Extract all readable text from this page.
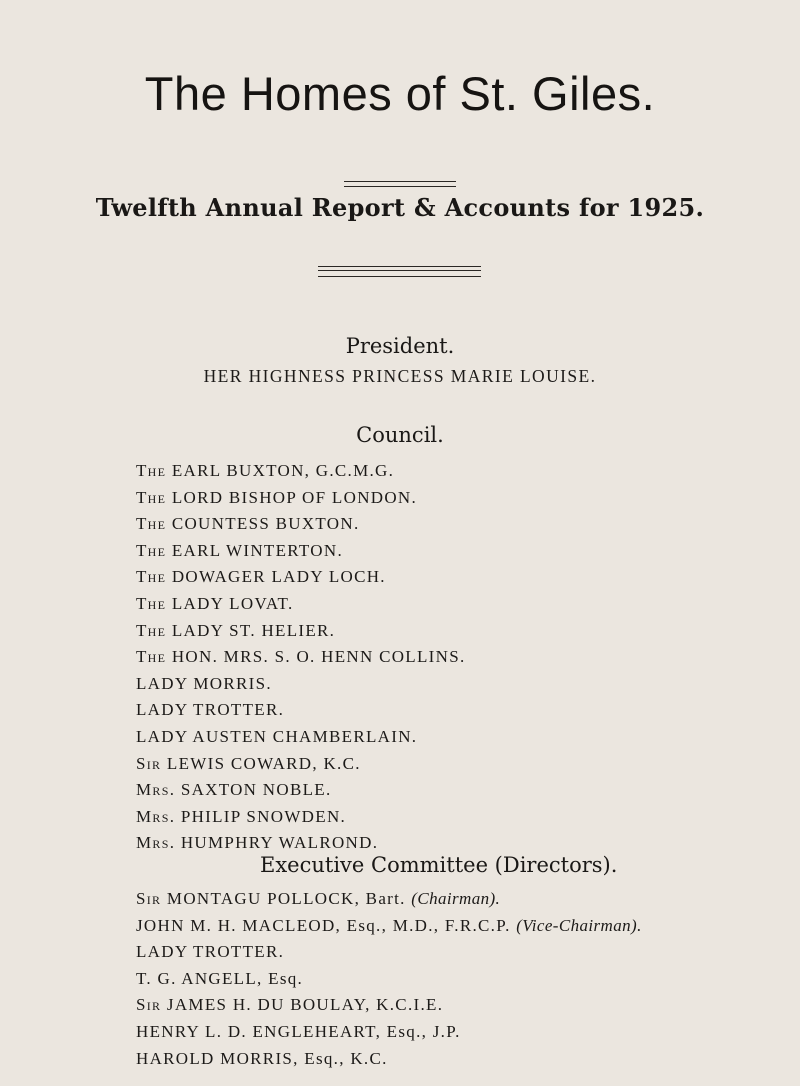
The Homes of St. Giles.
Twelfth Annual Report & Accounts for 1925.
President.
HER HIGHNESS PRINCESS MARIE LOUISE.
Council.
The EARL BUXTON, G.C.M.G.
The LORD BISHOP OF LONDON.
The COUNTESS BUXTON.
The EARL WINTERTON.
The DOWAGER LADY LOCH.
The LADY LOVAT.
The LADY ST. HELIER.
The HON. MRS. S. O. HENN COLLINS.
LADY MORRIS.
LADY TROTTER.
LADY AUSTEN CHAMBERLAIN.
Sir LEWIS COWARD, K.C.
Mrs. SAXTON NOBLE.
Mrs. PHILIP SNOWDEN.
Mrs. HUMPHRY WALROND.
Executive Committee (Directors).
Sir MONTAGU POLLOCK, Bart. (Chairman).
JOHN M. H. MACLEOD, Esq., M.D., F.R.C.P. (Vice-Chairman).
LADY TROTTER.
T. G. ANGELL, Esq.
Sir JAMES H. DU BOULAY, K.C.I.E.
HENRY L. D. ENGLEHEART, Esq., J.P.
HAROLD MORRIS, Esq., K.C.
